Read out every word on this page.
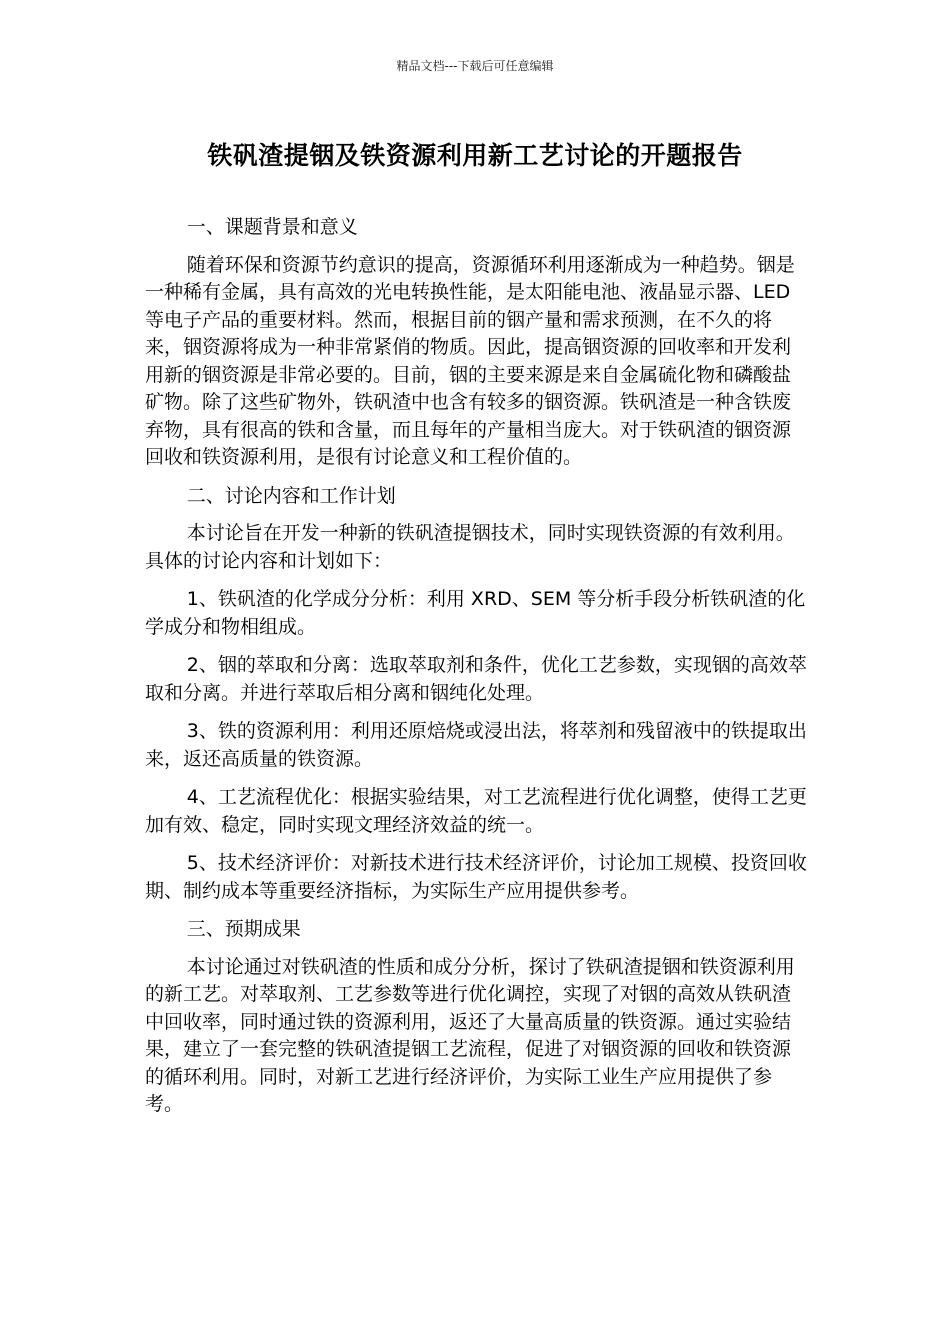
精品文档---下载后可任意编辑
铁矾渣提铟及铁资源利用新工艺讨论的开题报告

一、课题背景和意义

随着环保和资源节约意识的提高，资源循环利用逐渐成为一种趋势。铟是一种稀有金属，具有高效的光电转换性能，是太阳能电池、液晶显示器、LED 等电子产品的重要材料。然而，根据目前的铟产量和需求预测，在不久的将来，铟资源将成为一种非常紧俏的物质。因此，提高铟资源的回收率和开发利用新的铟资源是非常必要的。目前，铟的主要来源是来自金属硫化物和磷酸盐矿物。除了这些矿物外，铁矾渣中也含有较多的铟资源。铁矾渣是一种含铁废弃物，具有很高的铁和含量，而且每年的产量相当庞大。对于铁矾渣的铟资源回收和铁资源利用，是很有讨论意义和工程价值的。

二、讨论内容和工作计划

本讨论旨在开发一种新的铁矾渣提铟技术，同时实现铁资源的有效利用。具体的讨论内容和计划如下：

1、铁矾渣的化学成分分析：利用 XRD、SEM 等分析手段分析铁矾渣的化学成分和物相组成。

2、铟的萃取和分离：选取萃取剂和条件，优化工艺参数，实现铟的高效萃取和分离。并进行萃取后相分离和铟纯化处理。

3、铁的资源利用：利用还原焙烧或浸出法，将萃剂和残留液中的铁提取出来，返还高质量的铁资源。

4、工艺流程优化：根据实验结果，对工艺流程进行优化调整，使得工艺更加有效、稳定，同时实现文理经济效益的统一。

5、技术经济评价：对新技术进行技术经济评价，讨论加工规模、投资回收期、制约成本等重要经济指标，为实际生产应用提供参考。

三、预期成果

本讨论通过对铁矾渣的性质和成分分析，探讨了铁矾渣提铟和铁资源利用的新工艺。对萃取剂、工艺参数等进行优化调控，实现了对铟的高效从铁矾渣中回收率，同时通过铁的资源利用，返还了大量高质量的铁资源。通过实验结果，建立了一套完整的铁矾渣提铟工艺流程，促进了对铟资源的回收和铁资源的循环利用。同时，对新工艺进行经济评价，为实际工业生产应用提供了参考。
